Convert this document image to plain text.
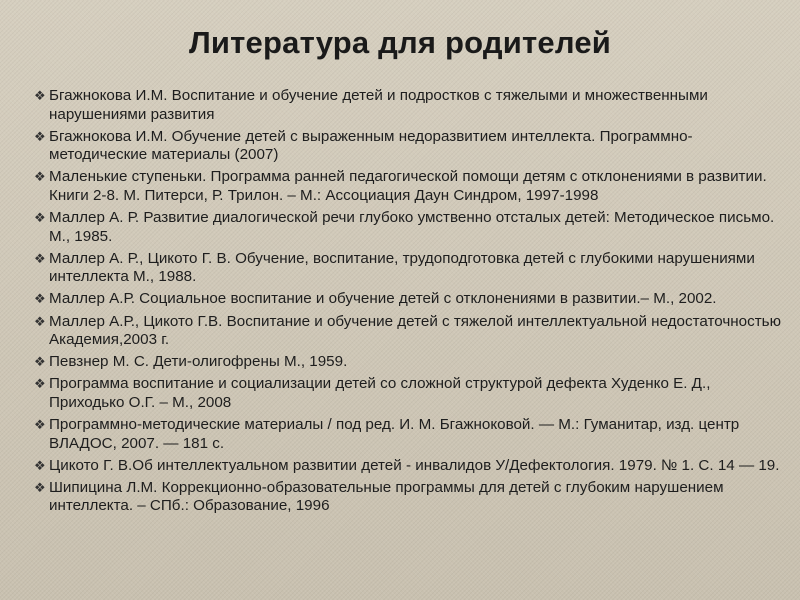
Литература для родителей
❖ Бгажнокова И.М. Воспитание и обучение детей и подростков с тяжелыми и множественными нарушениями развития
❖ Бгажнокова И.М. Обучение детей с выраженным недоразвитием интеллекта. Программно-методические материалы (2007)
❖ Маленькие ступеньки. Программа ранней педагогической помощи детям с отклонениями в развитии. Книги 2-8. М. Питерси, Р. Трилон. – М.: Ассоциация Даун Синдром, 1997-1998
❖ Маллер А. Р. Развитие диалогической речи глубоко умственно отсталых детей: Методическое письмо. М., 1985.
❖ Маллер А. Р., Цикото Г. В. Обучение, воспитание, трудоподготовка детей с глубокими нарушениями интеллекта М., 1988.
❖ Маллер А.Р. Социальное воспитание и обучение детей с отклонениями в развитии.– М., 2002.
❖ Маллер А.Р., Цикото Г.В. Воспитание и обучение детей с тяжелой интеллектуальной недостаточностью Академия,2003 г.
❖ Певзнер М. С. Дети-олигофрены М., 1959.
❖ Программа воспитание и социализации детей со сложной структурой дефекта Худенко Е. Д., Приходько О.Г. – М., 2008
❖ Программно-методические материалы / под ред. И. М. Бгажноковой. — М.: Гуманитар, изд. центр ВЛАДОС, 2007. — 181 с.
❖ Цикото Г. В.Об интеллектуальном развитии детей - инвалидов У/Дефектология. 1979. № 1. С. 14 — 19.
❖ Шипицина Л.М. Коррекционно-образовательные программы для детей с глубоким нарушением интеллекта. – СПб.: Образование, 1996
